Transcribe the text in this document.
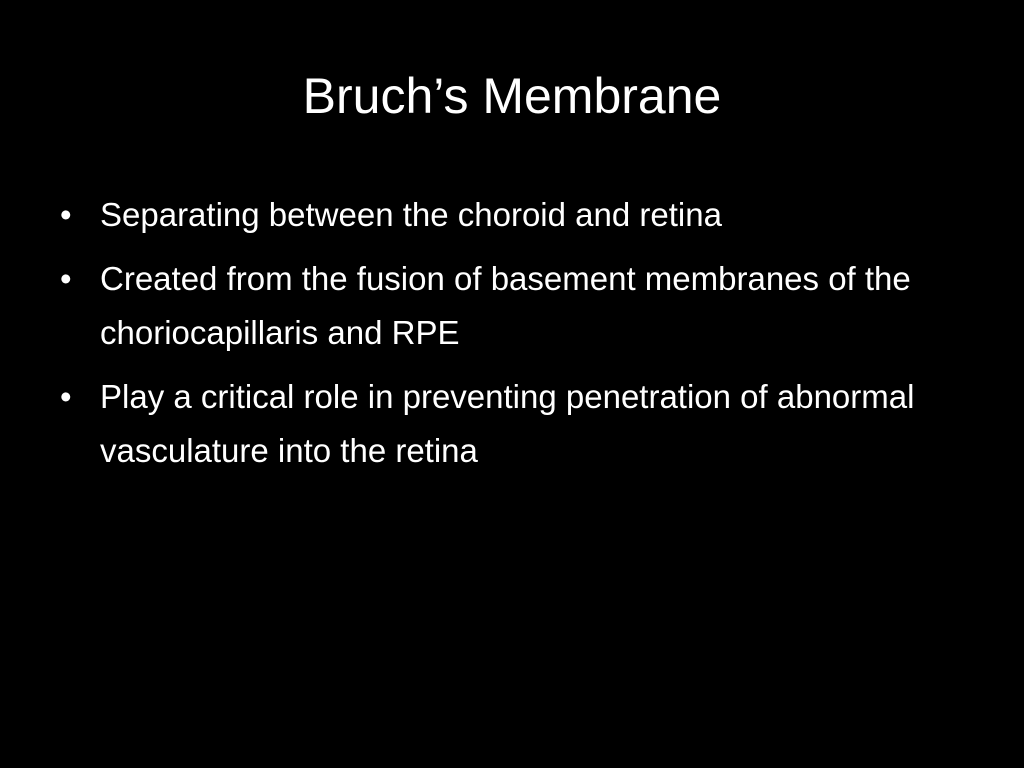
Bruch’s Membrane
• Separating between the choroid and retina
• Created from the fusion of basement membranes of the choriocapillaris and RPE
• Play a critical role in preventing penetration of abnormal vasculature into the retina
